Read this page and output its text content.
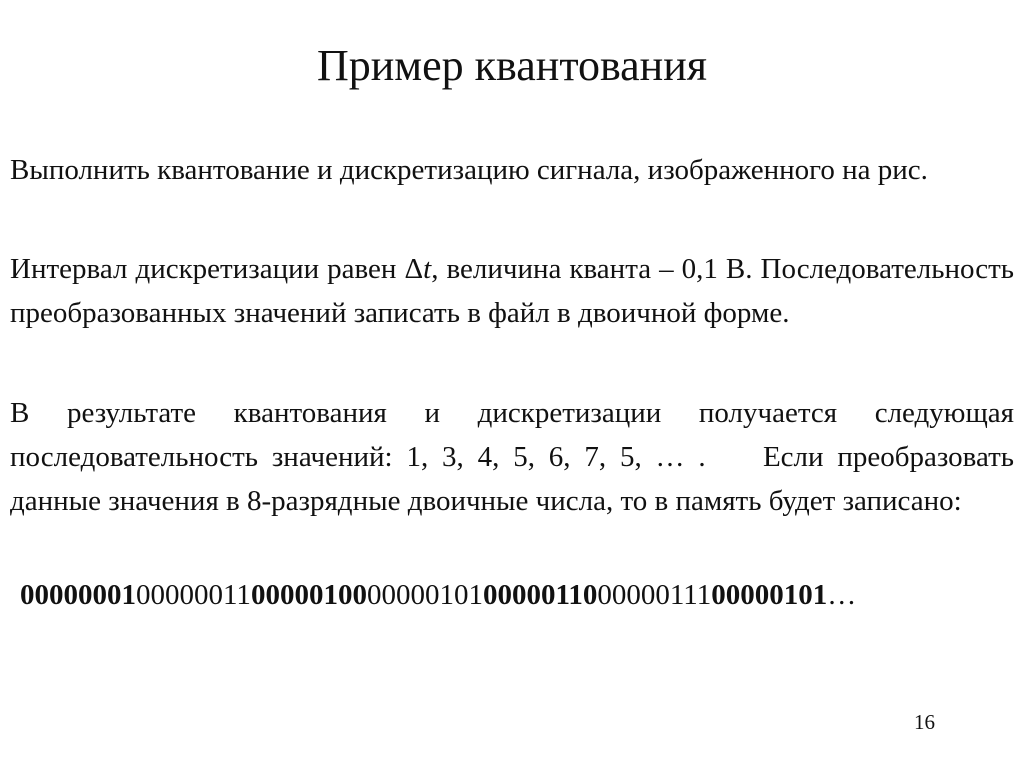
Пример квантования
Выполнить квантование и дискретизацию сигнала, изображенного на рис.
Интервал дискретизации равен Δt, величина кванта – 0,1 В. Последовательность преобразованных значений записать в файл в двоичной форме.
В результате квантования и дискретизации получается следующая последовательность значений: 1, 3, 4, 5, 6, 7, 5, … .   Если преобразовать данные значения в 8-разрядные двоичные числа, то в память будет записано:
00000001000000110000010000000101000001100000011100000101…
16
